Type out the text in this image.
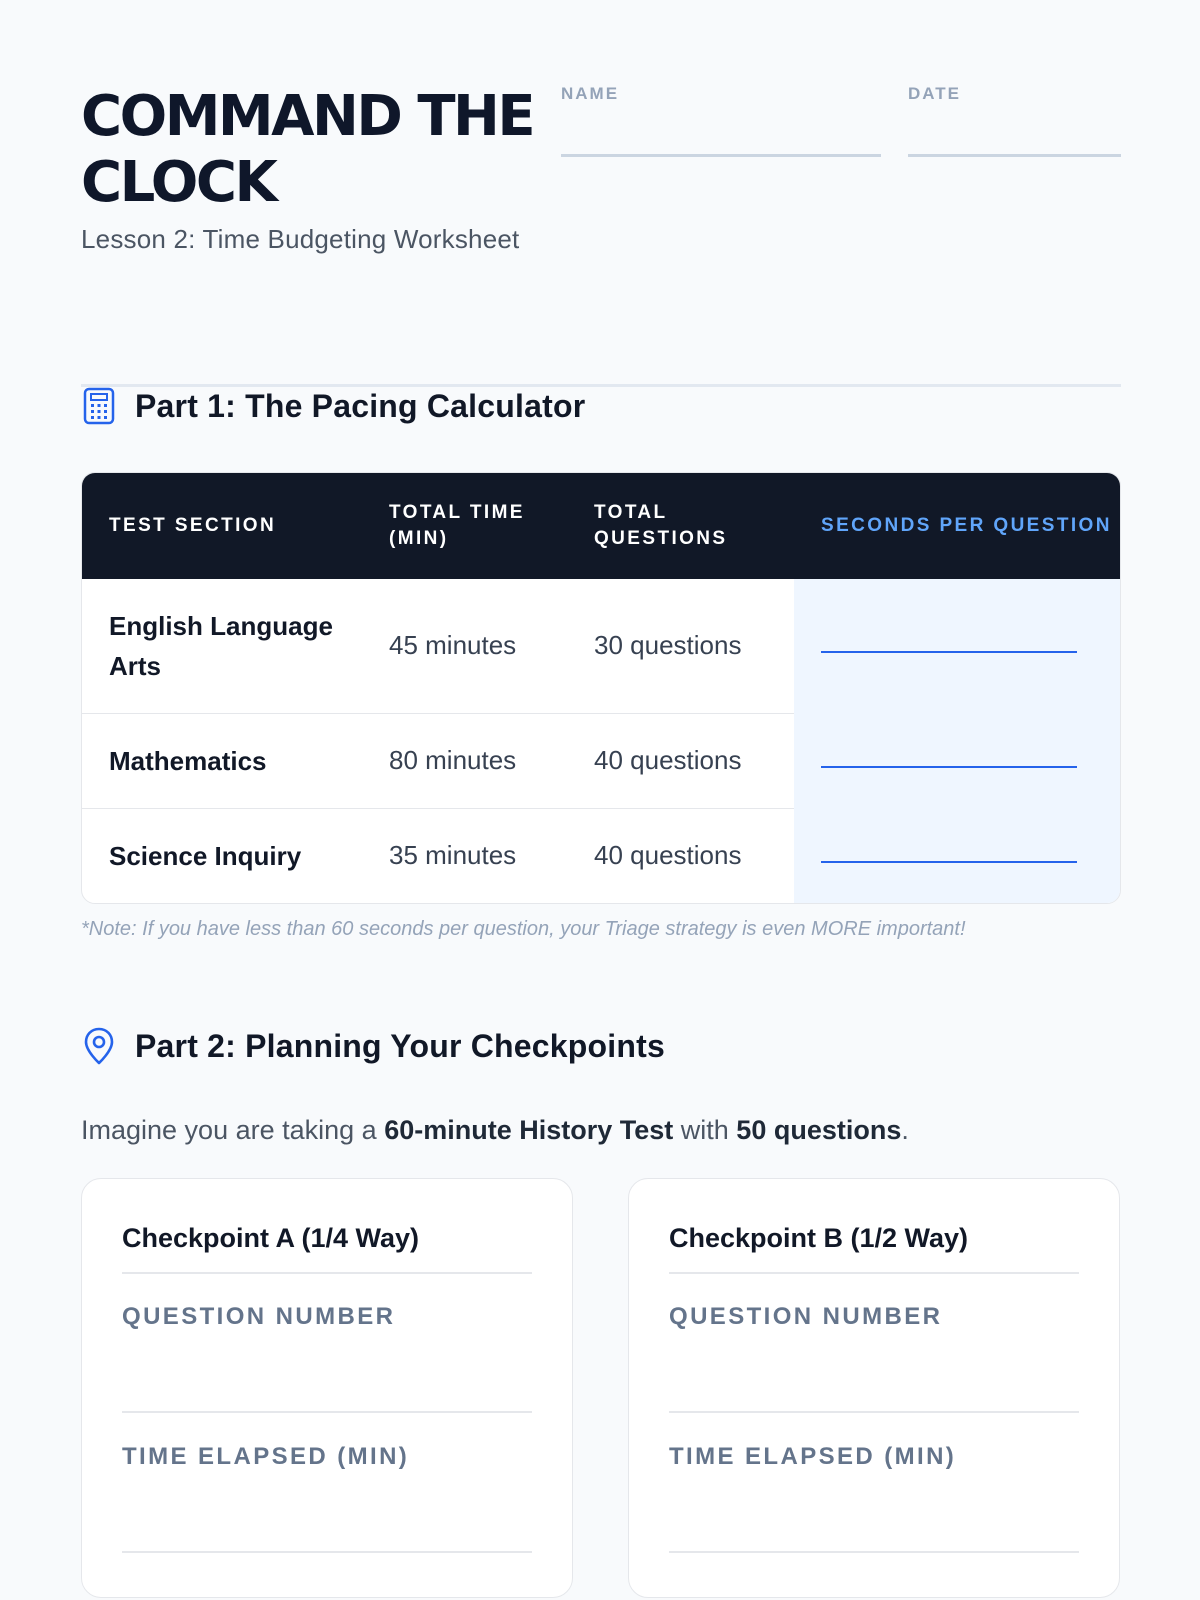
COMMAND THE CLOCK
Lesson 2: Time Budgeting Worksheet
NAME	DATE
Part 1: The Pacing Calculator
TEST SECTION	TOTAL TIME (MIN)	TOTAL QUESTIONS	SECONDS PER QUESTION
English Language Arts	45 minutes	30 questions	

Mathematics	80 minutes	40 questions	

Science Inquiry	35 minutes	40 questions	
*Note: If you have less than 60 seconds per question, your Triage strategy is even MORE important!
Part 2: Planning Your Checkpoints
Imagine you are taking a 60-minute History Test with 50 questions.
Checkpoint A (1/4 Way)
QUESTION NUMBER
TIME ELAPSED (MIN)
Checkpoint B (1/2 Way)
QUESTION NUMBER
TIME ELAPSED (MIN)
